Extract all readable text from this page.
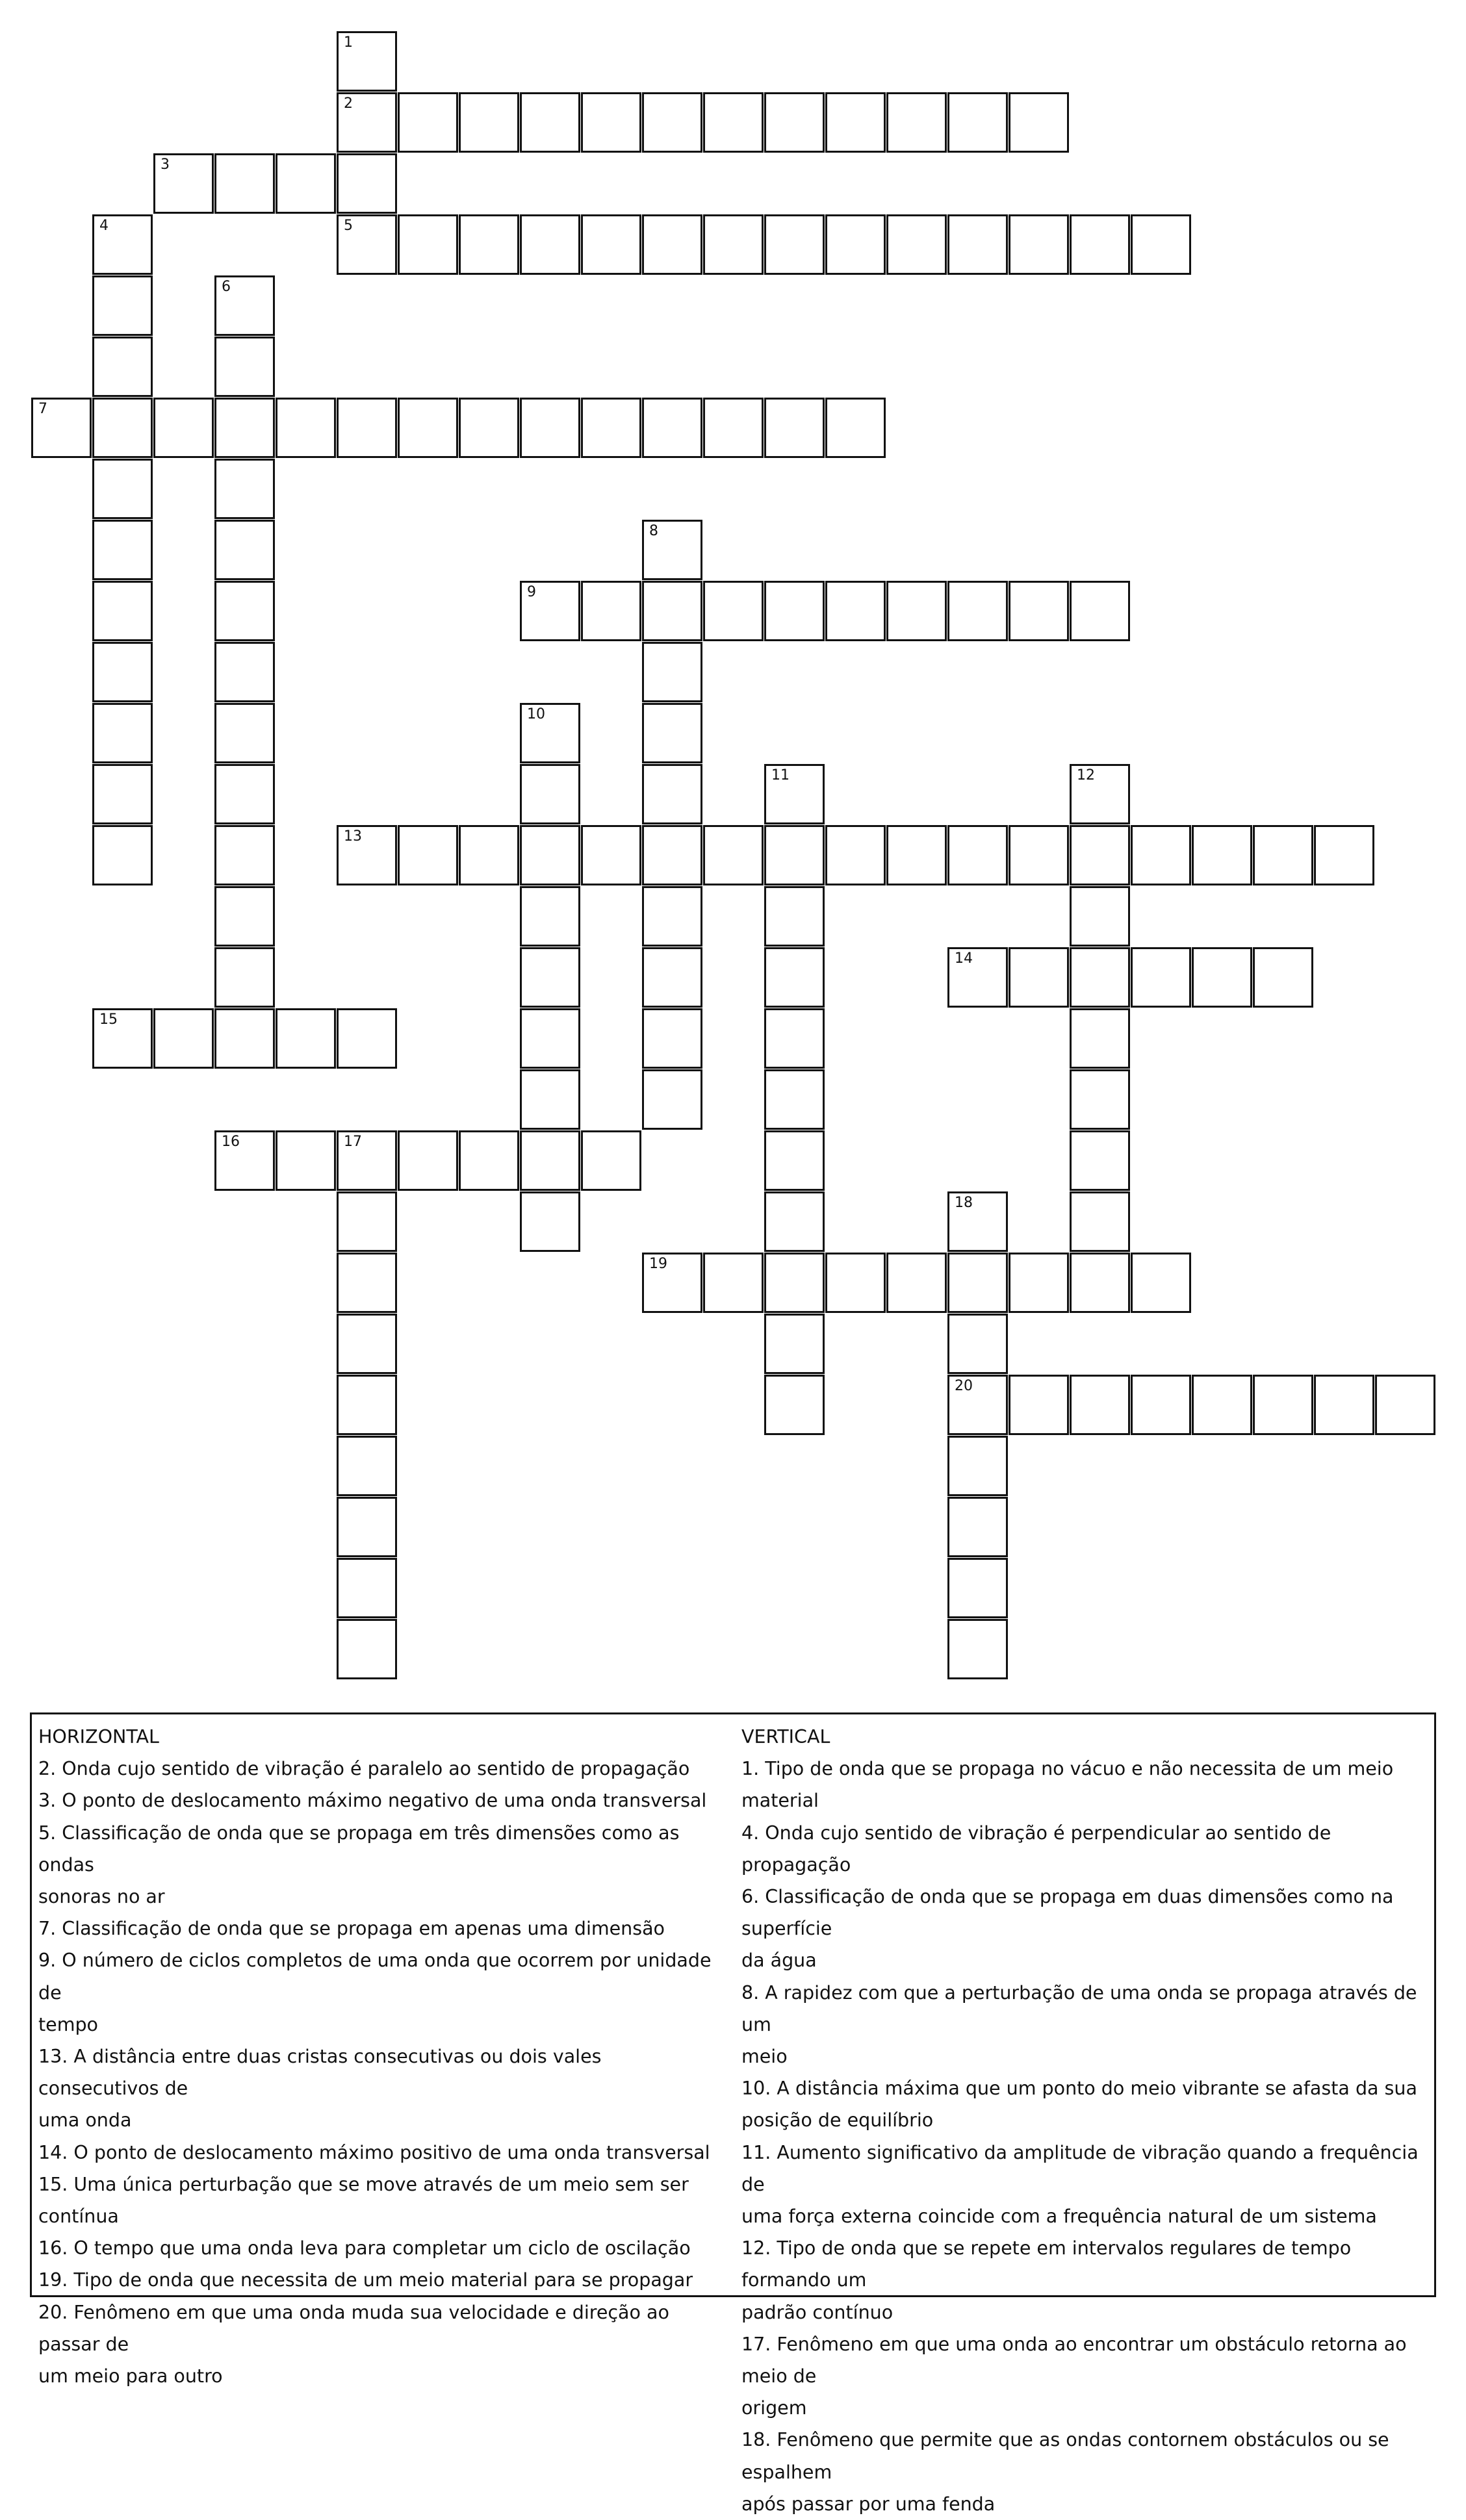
1
2
5
3
4
6
7
8
9
10
11	12
13
14
15
16	17
18
20
19
HORIZONTAL
2. Onda cujo sentido de vibração é paralelo ao sentido de propagação
3. O ponto de deslocamento máximo negativo de uma onda transversal
5. Classificação de onda que se propaga em três dimensões como as ondas
sonoras no ar
7. Classificação de onda que se propaga em apenas uma dimensão
9. O número de ciclos completos de uma onda que ocorrem por unidade de
tempo
13. A distância entre duas cristas consecutivas ou dois vales consecutivos de
uma onda
14. O ponto de deslocamento máximo positivo de uma onda transversal
15. Uma única perturbação que se move através de um meio sem ser contínua
16. O tempo que uma onda leva para completar um ciclo de oscilação
19. Tipo de onda que necessita de um meio material para se propagar
20. Fenômeno em que uma onda muda sua velocidade e direção ao passar de
um meio para outro
VERTICAL
1. Tipo de onda que se propaga no vácuo e não necessita de um meio material
4. Onda cujo sentido de vibração é perpendicular ao sentido de propagação
6. Classificação de onda que se propaga em duas dimensões como na superfície
da água
8. A rapidez com que a perturbação de uma onda se propaga através de um
meio
10. A distância máxima que um ponto do meio vibrante se afasta da sua
posição de equilíbrio
11. Aumento significativo da amplitude de vibração quando a frequência de
uma força externa coincide com a frequência natural de um sistema
12. Tipo de onda que se repete em intervalos regulares de tempo formando um
padrão contínuo
17. Fenômeno em que uma onda ao encontrar um obstáculo retorna ao meio de
origem
18. Fenômeno que permite que as ondas contornem obstáculos ou se espalhem
após passar por uma fenda
